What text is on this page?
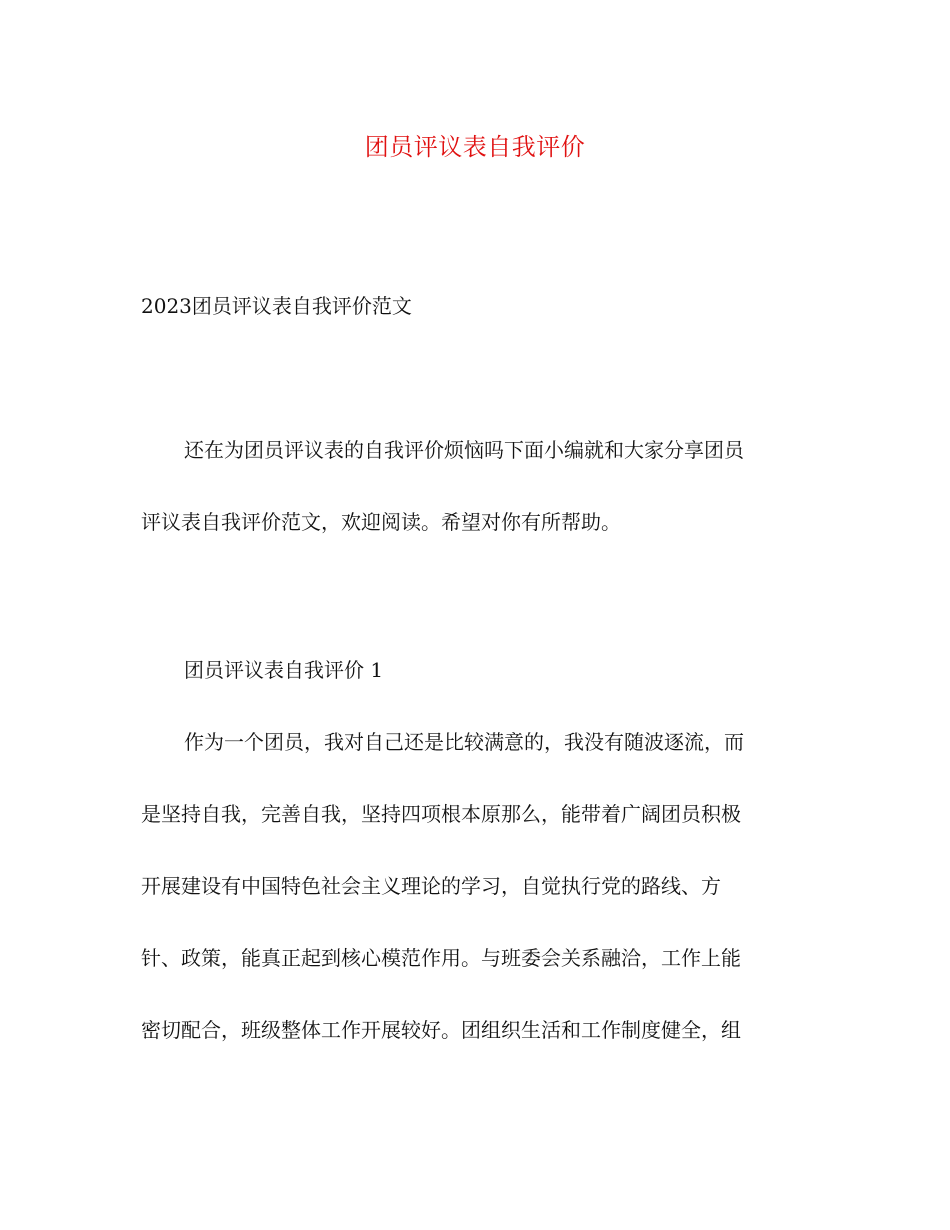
团员评议表自我评价
2023团员评议表自我评价范文
还在为团员评议表的自我评价烦恼吗下面小编就和大家分享团员
评议表自我评价范文，欢迎阅读。希望对你有所帮助。
团员评议表自我评价 1
作为一个团员，我对自己还是比较满意的，我没有随波逐流，而
是坚持自我，完善自我，坚持四项根本原那么，能带着广阔团员积极
开展建设有中国特色社会主义理论的学习，自觉执行党的路线、方
针、政策，能真正起到核心模范作用。与班委会关系融洽，工作上能
密切配合，班级整体工作开展较好。团组织生活和工作制度健全，组
